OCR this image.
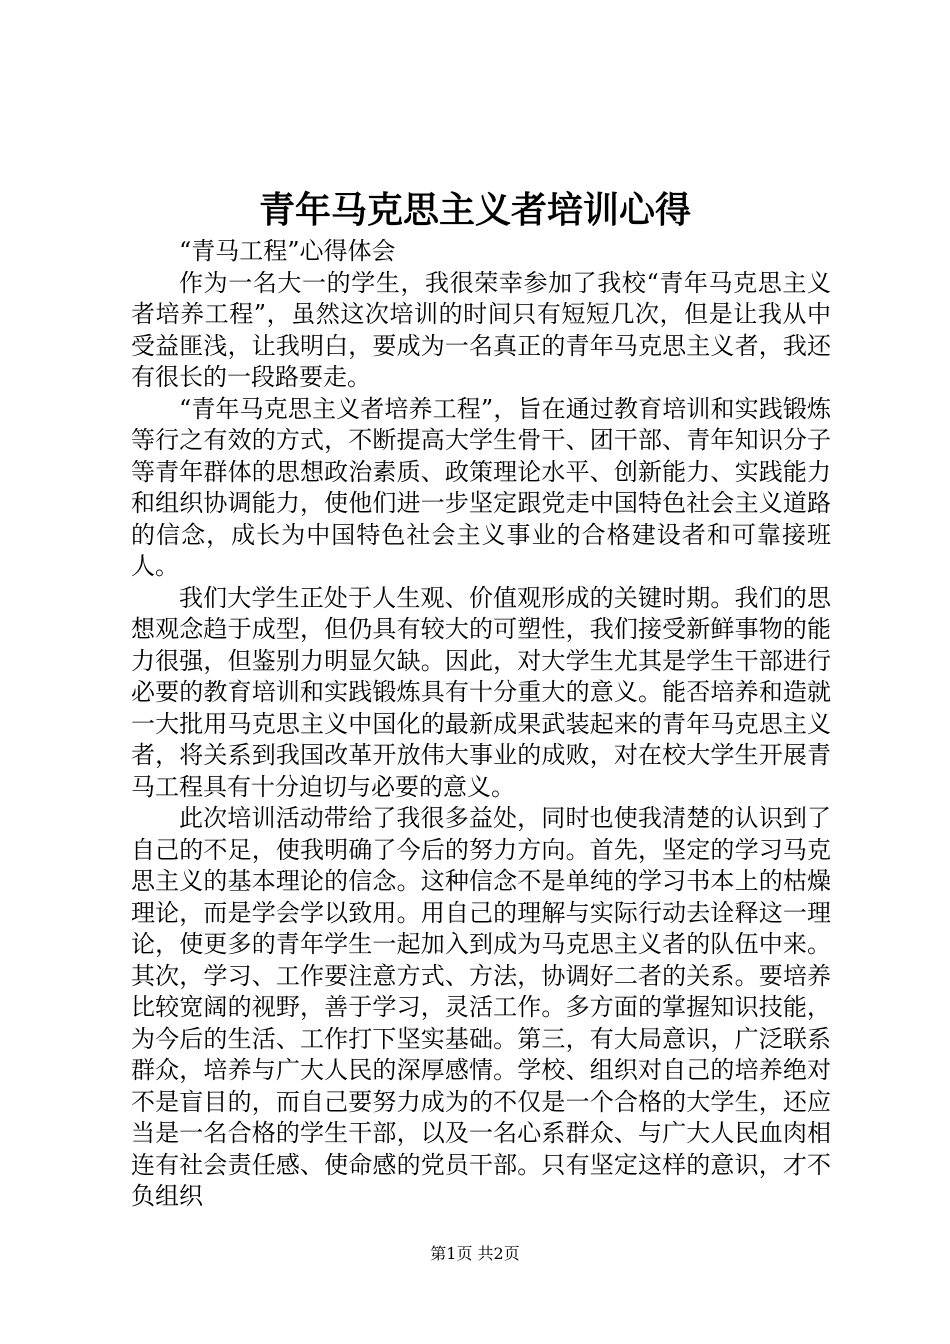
青年马克思主义者培训心得

“青马工程”心得体会

作为一名大一的学生，我很荣幸参加了我校“青年马克思主义者培养工程”，虽然这次培训的时间只有短短几次，但是让我从中受益匪浅，让我明白，要成为一名真正的青年马克思主义者，我还有很长的一段路要走。

“青年马克思主义者培养工程”，旨在通过教育培训和实践锻炼等行之有效的方式，不断提高大学生骨干、团干部、青年知识分子等青年群体的思想政治素质、政策理论水平、创新能力、实践能力和组织协调能力，使他们进一步坚定跟党走中国特色社会主义道路的信念，成长为中国特色社会主义事业的合格建设者和可靠接班人。

我们大学生正处于人生观、价值观形成的关键时期。我们的思想观念趋于成型，但仍具有较大的可塑性，我们接受新鲜事物的能力很强，但鉴别力明显欠缺。因此，对大学生尤其是学生干部进行必要的教育培训和实践锻炼具有十分重大的意义。能否培养和造就一大批用马克思主义中国化的最新成果武装起来的青年马克思主义者，将关系到我国改革开放伟大事业的成败，对在校大学生开展青马工程具有十分迫切与必要的意义。

此次培训活动带给了我很多益处，同时也使我清楚的认识到了自己的不足，使我明确了今后的努力方向。首先，坚定的学习马克思主义的基本理论的信念。这种信念不是单纯的学习书本上的枯燥理论，而是学会学以致用。用自己的理解与实际行动去诠释这一理论，使更多的青年学生一起加入到成为马克思主义者的队伍中来。其次，学习、工作要注意方式、方法，协调好二者的关系。要培养比较宽阔的视野，善于学习，灵活工作。多方面的掌握知识技能，为今后的生活、工作打下坚实基础。第三，有大局意识，广泛联系群众，培养与广大人民的深厚感情。学校、组织对自己的培养绝对不是盲目的，而自己要努力成为的不仅是一个合格的大学生，还应当是一名合格的学生干部，以及一名心系群众、与广大人民血肉相连有社会责任感、使命感的党员干部。只有坚定这样的意识，才不负组织

第1页 共2页
